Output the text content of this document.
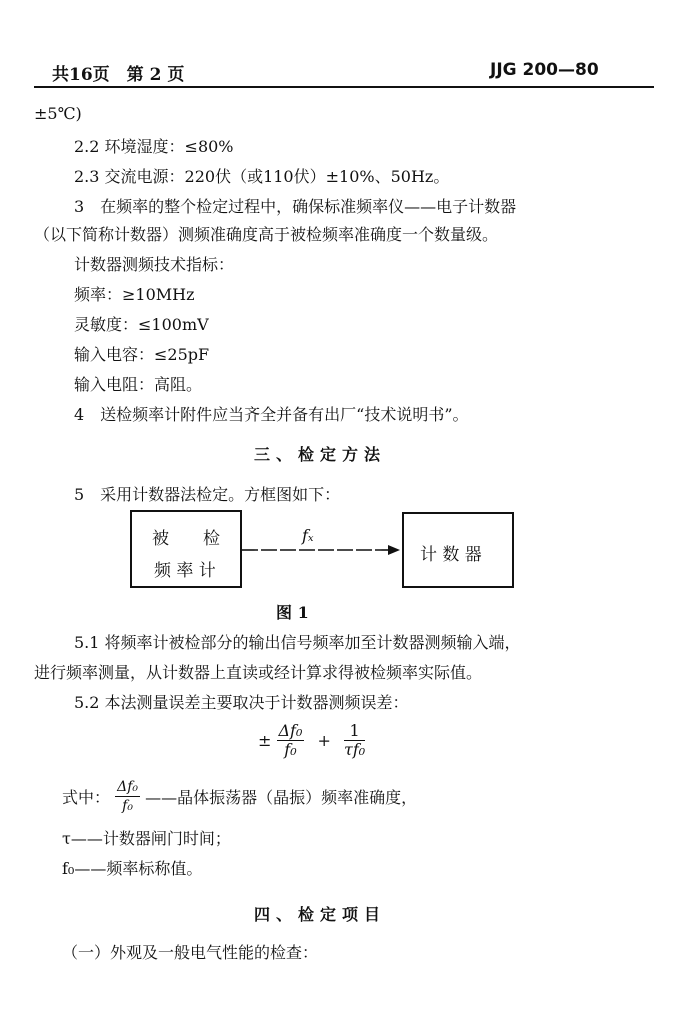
共16页　第 2 页	JJG 200—80
±5℃)
2.2 环境湿度：≤80%
2.3 交流电源：220伏（或110伏）±10%、50Hz。
3　在频率的整个检定过程中，确保标准频率仪——电子计数器
（以下简称计数器）测频准确度高于被检频率准确度一个数量级。
计数器测频技术指标：
频率：≥10MHz
灵敏度：≤100mV
输入电容：≤25pF
输入电阻：高阻。
4　送检频率计附件应当齐全并备有出厂“技术说明书”。
三、检定方法
5　采用计数器法检定。方框图如下：
被　　检
频 率 计
fₓ
计 数 器
图 1
5.1 将频率计被检部分的输出信号频率加至计数器测频输入端，
进行频率测量，从计数器上直读或经计算求得被检频率实际值。
5.2 本法测量误差主要取决于计数器测频误差：
± $\frac{\text{Δf₀}}{\text{f₀}} + \frac{1}{\text{τf₀}}$
式中： $\frac{\text{Δf₀}}{\text{f₀}}$ ——晶体振荡器（晶振）频率准确度，
τ——计数器闸门时间；
f₀——频率标称值。
四、检定项目
（一）外观及一般电气性能的检查：
